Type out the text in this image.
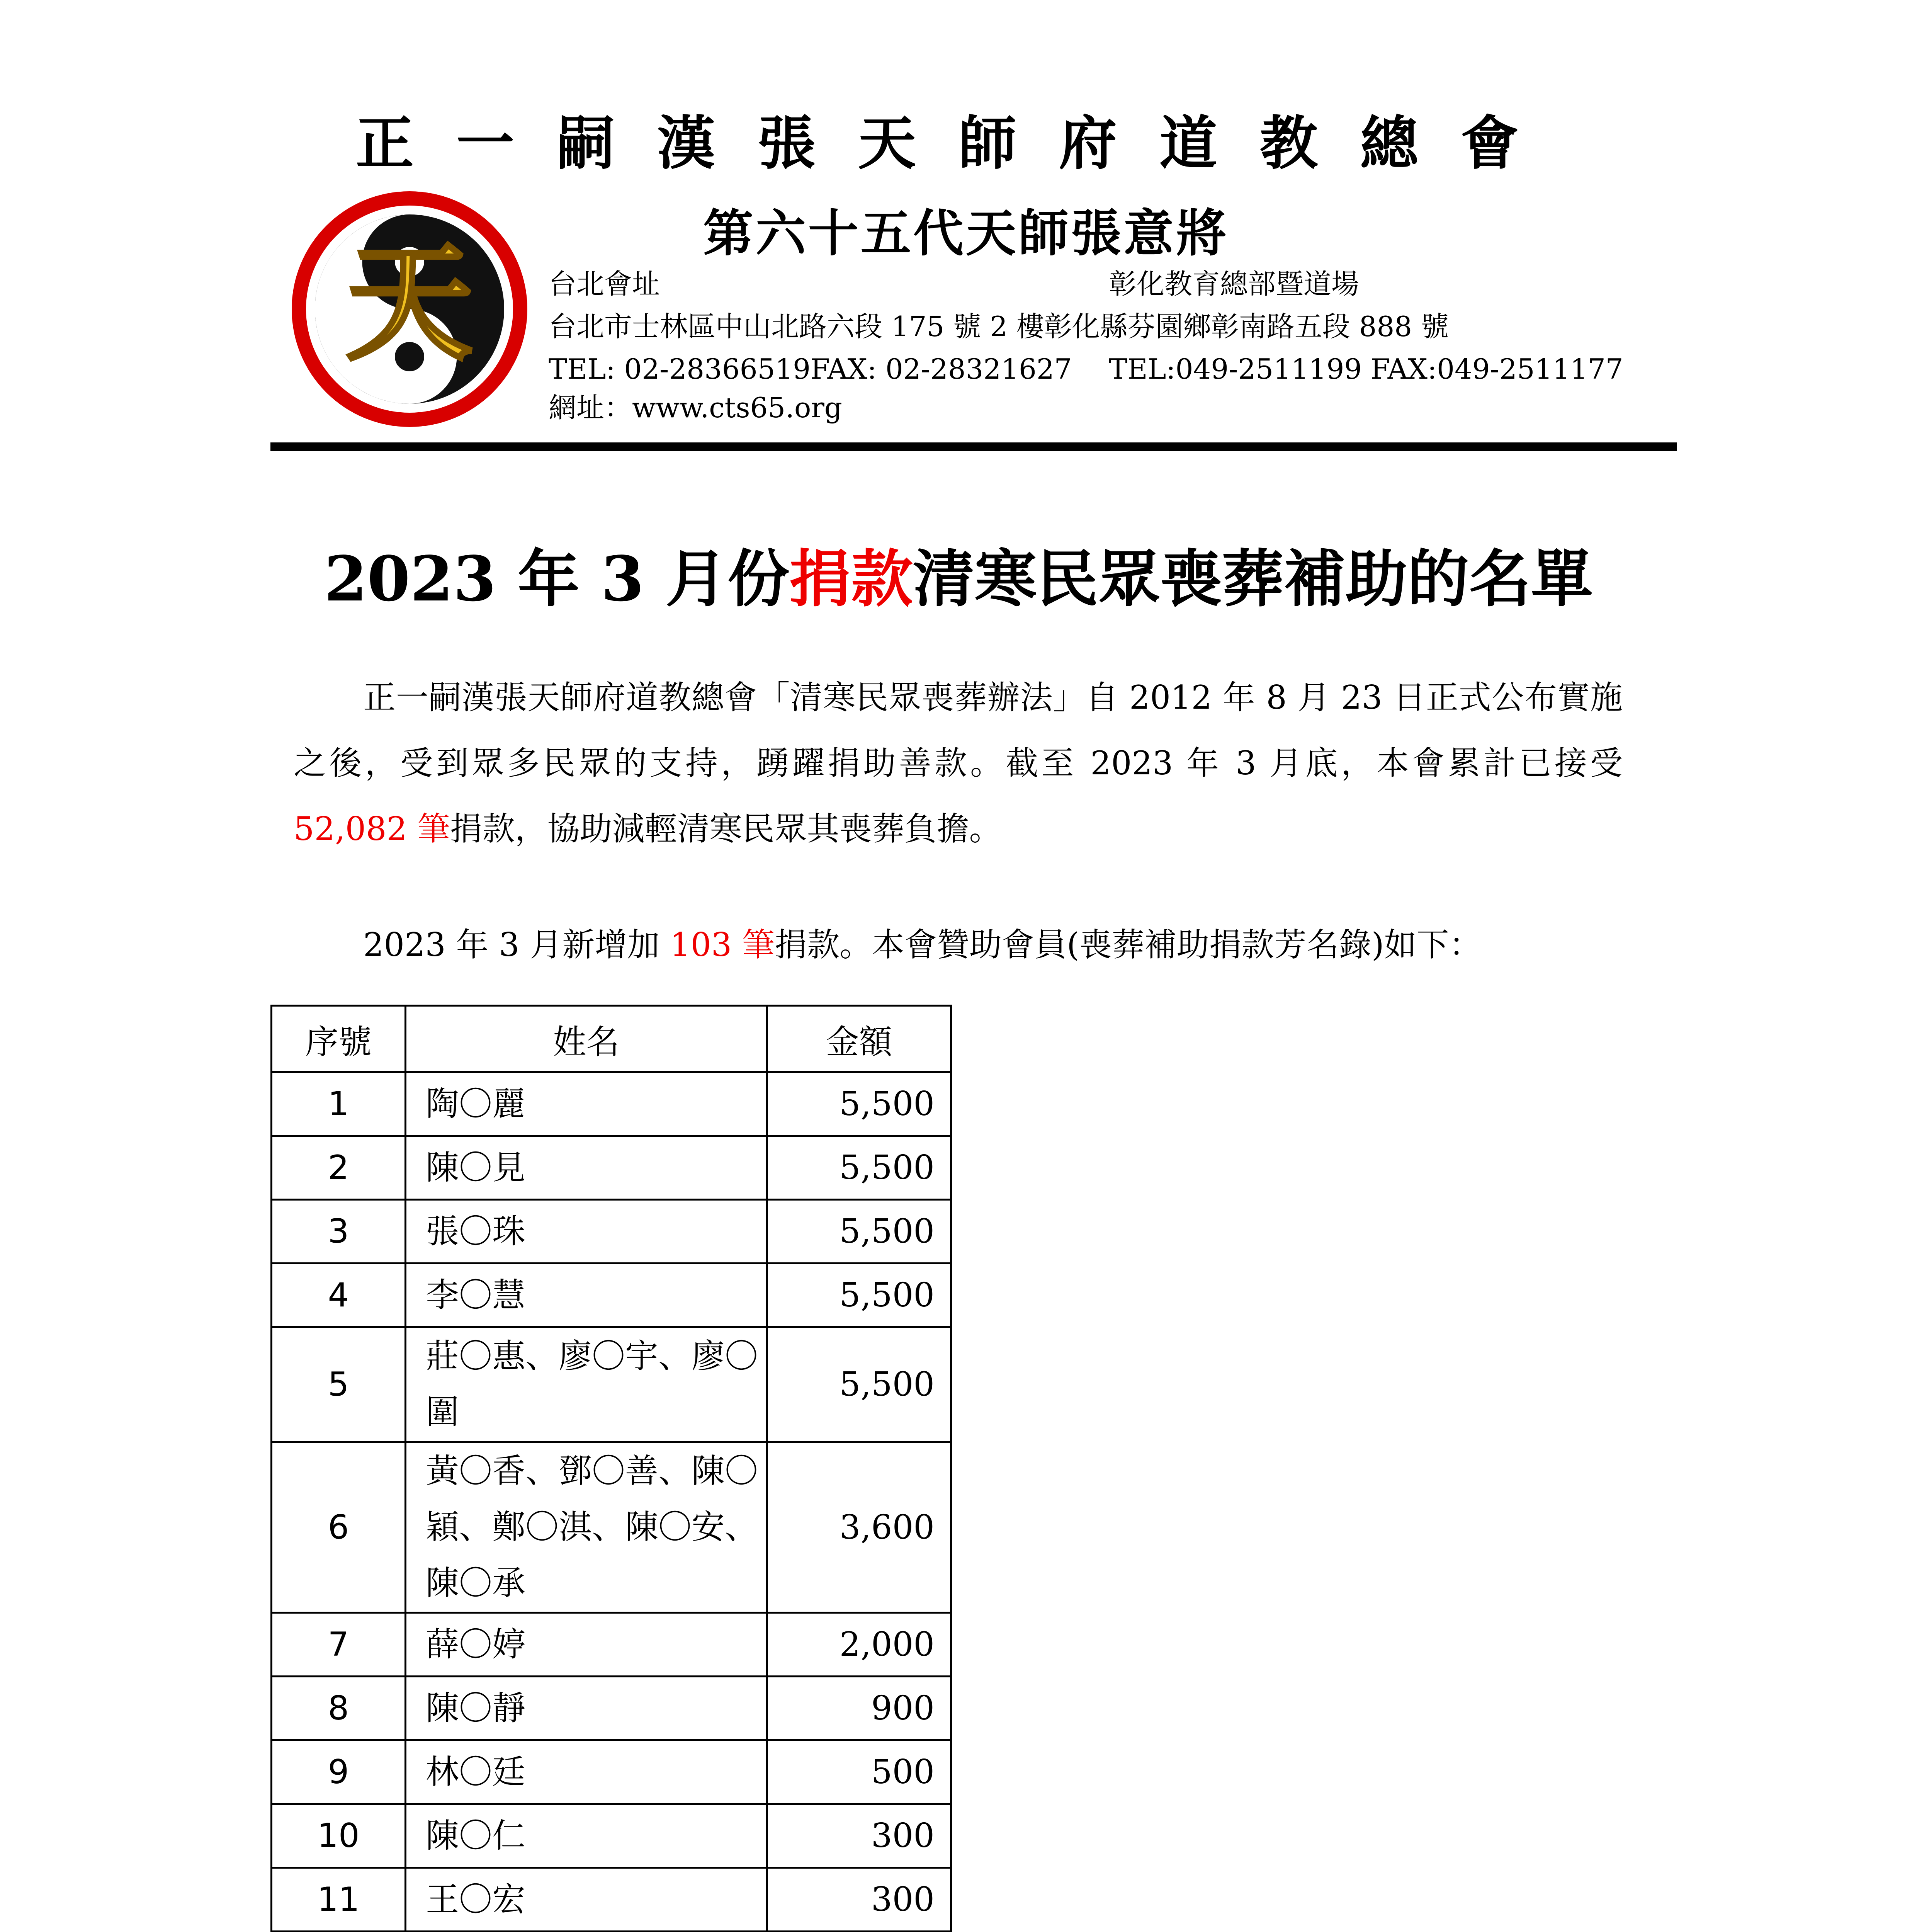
正一嗣漢張天師府道教總會
天	第六十五代天師張意將
台北會址	彰化教育總部暨道場
台北市士林區中山北路六段 175 號 2 樓彰化縣芬園鄉彰南路五段 888 號
TEL: 02-28366519FAX: 02-28321627 TEL:049-2511199 FAX:049-2511177
網址：www.cts65.org
2023 年 3 月份捐款清寒民眾喪葬補助的名單
正一嗣漢張天師府道教總會「清寒民眾喪葬辦法」自 2012 年 8 月 23 日正式公布實施之後，受到眾多民眾的支持，踴躍捐助善款。截至 2023 年 3 月底，本會累計已接受 52,082 筆捐款，協助減輕清寒民眾其喪葬負擔。
2023 年 3 月新增加 103 筆捐款。本會贊助會員(喪葬補助捐款芳名錄)如下：
序號	姓名	金額
1	陶〇麗	5,500
2	陳〇見	5,500
3	張〇珠	5,500
4	李〇慧	5,500
5	莊〇惠、廖〇宇、廖〇圍	5,500
6	黃〇香、鄧〇善、陳〇穎、鄭〇淇、陳〇安、陳〇承	3,600
7	薛〇婷	2,000
8	陳〇靜	900
9	林〇廷	500
10	陳〇仁	300
11	王〇宏	300
